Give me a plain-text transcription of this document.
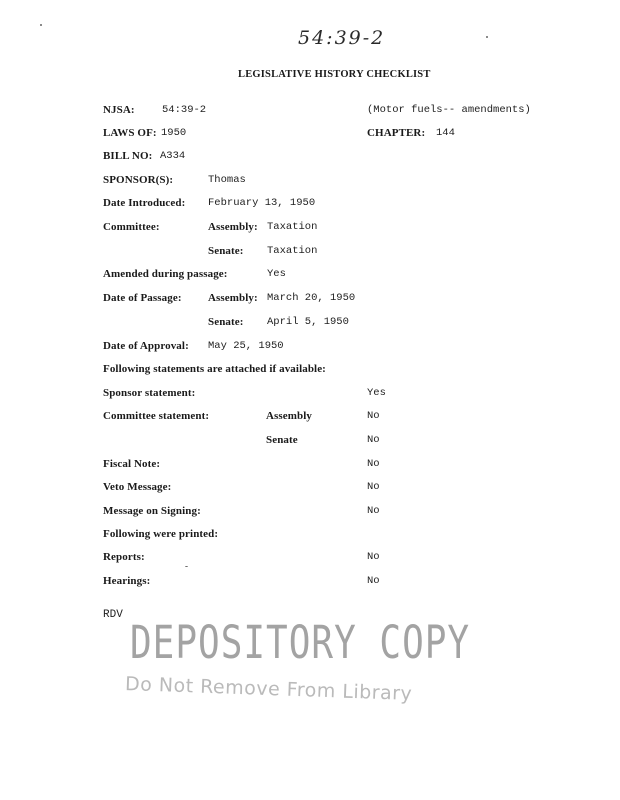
54:39-2
LEGISLATIVE HISTORY CHECKLIST
NJSA:	54:39-2	(Motor fuels-- amendments)
LAWS OF: 1950	CHAPTER: 144
BILL NO: A334
SPONSOR(S):	Thomas
Date Introduced: February 13, 1950
Committee:	Assembly: Taxation
Senate: Taxation
Amended during passage:	Yes
Date of Passage: Assembly: March 20, 1950
Senate: April 5, 1950
Date of Approval: May 25, 1950
Following statements are attached if available:
Sponsor statement:	Yes
Committee statement:	Assembly	No
Senate	No
Fiscal Note:	No
Veto Message:	No
Message on Signing:	No
Following were printed:
Reports:	No
Hearings:	No
RDV
DEPOSITORY COPY
Do Not Remove From Library
